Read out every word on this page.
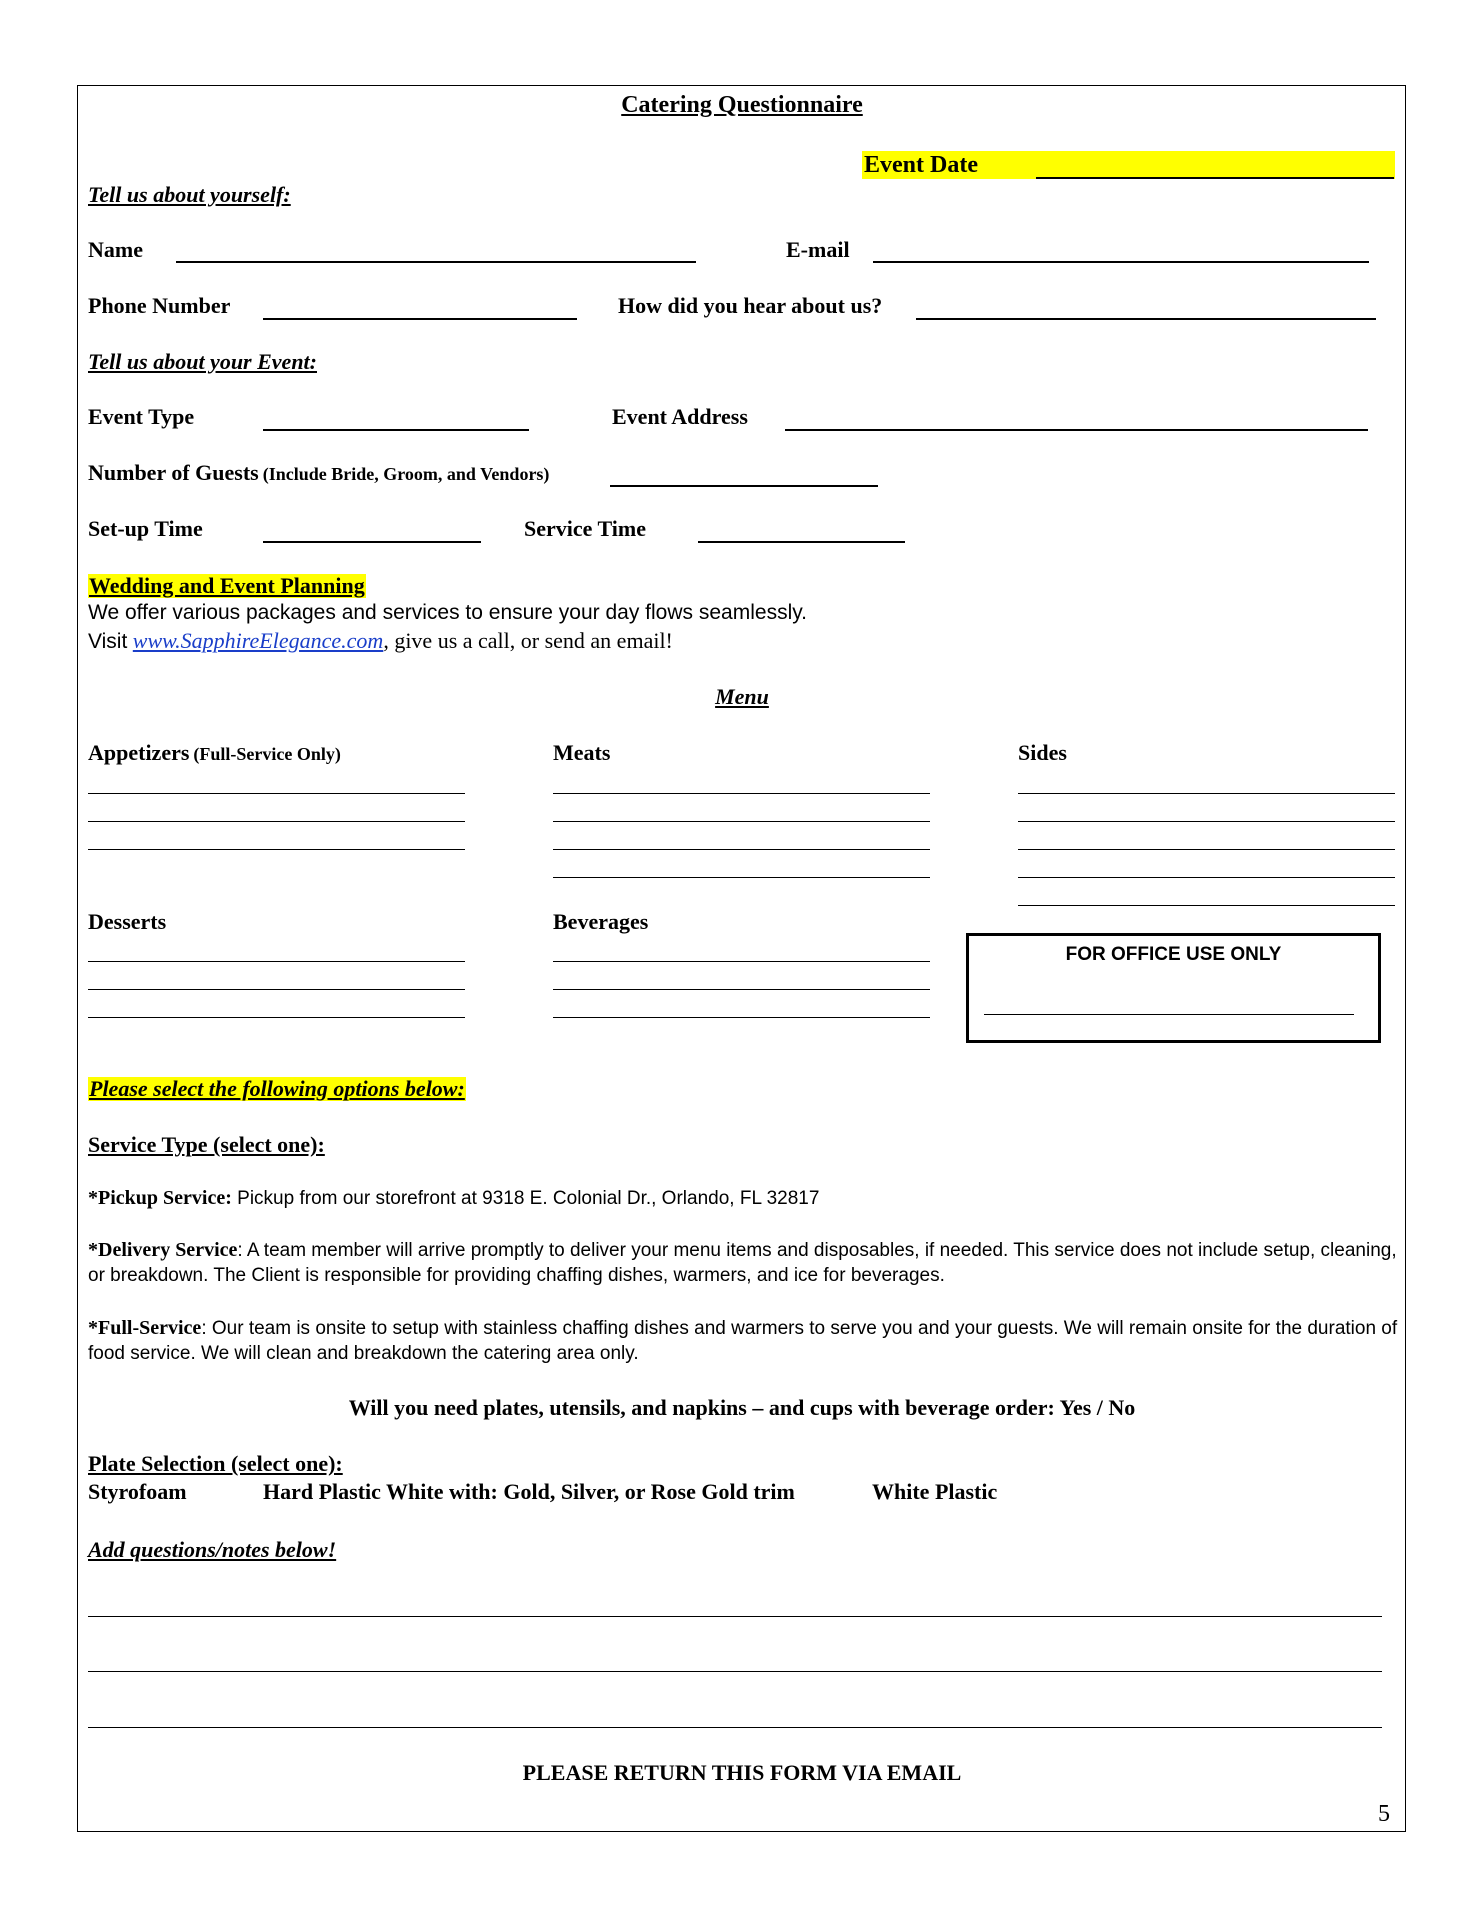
Catering Questionnaire
Event Date
Tell us about yourself:
Name	E-mail
Phone Number	How did you hear about us?
Tell us about your Event:
Event Type	Event Address
Number of Guests (Include Bride, Groom, and Vendors)
Set-up Time	Service Time
Wedding and Event Planning
We offer various packages and services to ensure your day flows seamlessly.
Visit www.SapphireElegance.com, give us a call, or send an email!
Menu
Appetizers (Full-Service Only)	Meats	Sides
Desserts	Beverages
FOR OFFICE USE ONLY
Please select the following options below:
Service Type (select one):
*Pickup Service: Pickup from our storefront at 9318 E. Colonial Dr., Orlando, FL 32817
*Delivery Service: A team member will arrive promptly to deliver your menu items and disposables, if needed. This service does not include setup, cleaning, or breakdown. The Client is responsible for providing chaffing dishes, warmers, and ice for beverages.
*Full-Service: Our team is onsite to setup with stainless chaffing dishes and warmers to serve you and your guests. We will remain onsite for the duration of food service. We will clean and breakdown the catering area only.
Will you need plates, utensils, and napkins – and cups with beverage order: Yes / No
Plate Selection (select one):
Styrofoam	Hard Plastic White with: Gold, Silver, or Rose Gold trim	White Plastic
Add questions/notes below!
PLEASE RETURN THIS FORM VIA EMAIL
5
